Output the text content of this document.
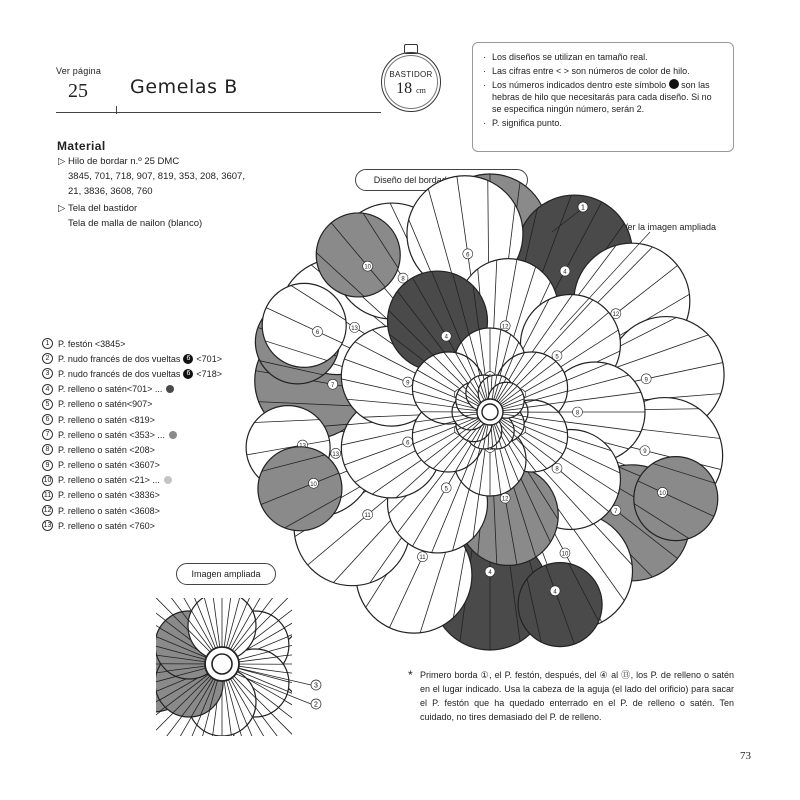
Ver página
25 Gemelas B
BASTIDOR
18 cm
· Los diseños se utilizan en tamaño real.
· Las cifras entre < > son números de color de hilo.
· Los números indicados dentro este símbolo son las hebras de hilo que necesitarás para cada diseño. Si no se especifica ningún número, serán 2.
· P. significa punto.
Material
▷ Hilo de bordar n.º 25 DMC
3845, 701, 718, 907, 819, 353, 208, 3607,
21, 3836, 3608, 760
▷ Tela del bastidor
Tela de malla de nailon (blanco)
Diseño del bordado a tamaño real
Imagen ampliada
Ver la imagen ampliada
1 P. festón <3845>
2 P. nudo francés de dos vueltas 6 <701>
3 P. nudo francés de dos vueltas 6 <718>
4 P. relleno o satén<701> ...
5 P. relleno o satén<907>
6 P. relleno o satén <819>
7 P. relleno o satén <353> ...
8 P. relleno o satén <208>
9 P. relleno o satén <3607>
10 P. relleno o satén <21> ...
11 P. relleno o satén <3836>
12 P. relleno o satén <3608>
13 P. relleno o satén <760>
4
12
9
9
7
10
4
11
11
13
7
13
8
6
10
10
6
4
10
12
5
8
8
12
5
6
9
4
12
1
3
2
* Primero borda ①, el P. festón, después, del ④ al ⑬, los P. de relleno o satén en el lugar indicado. Usa la cabeza de la aguja (el lado del orificio) para sacar el P. festón que ha quedado enterrado en el P. de relleno o satén. Ten cuidado, no tires demasiado del P. de relleno.
73
